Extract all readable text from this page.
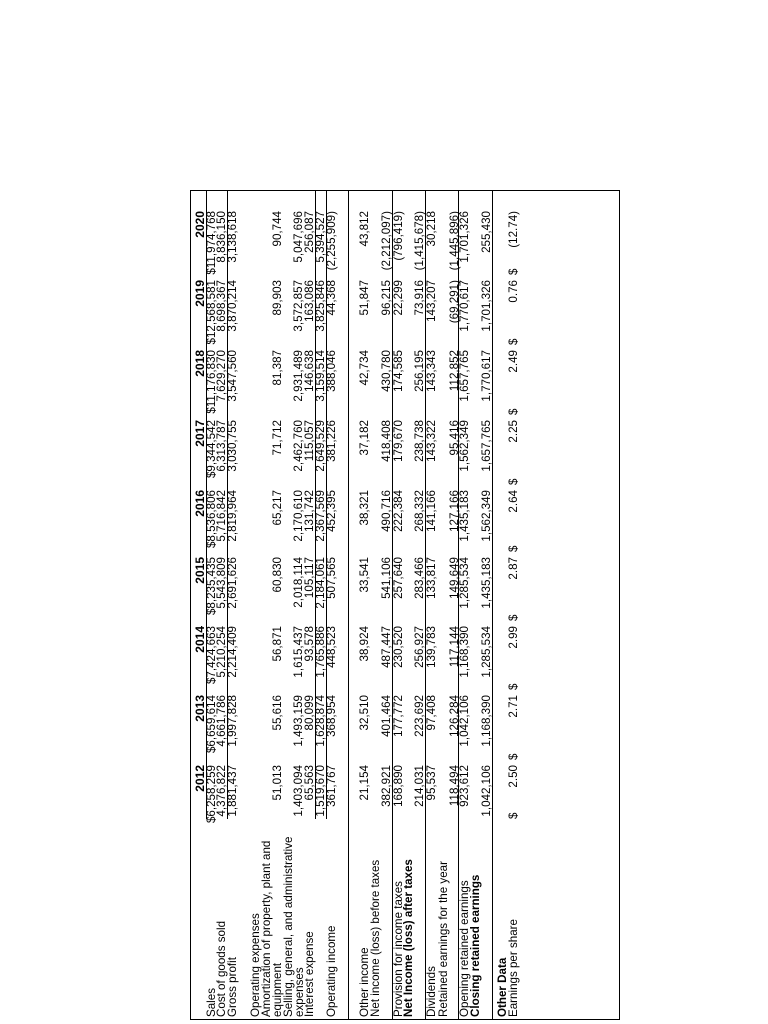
2012
2013
2014
2015
2016
2017
2018
2019
2020
Sales
$6,258,259
$6,659,614
$7,424,663
$8,235,435
$8,536,806
$9,344,542
$11,176,830
$12,568,581
$11,974,768
Cost of goods sold
4,376,822
4,661,786
5,210,254
5,543,809
5,716,842
6,313,787
7,629,270
8,698,367
8,836,150
Gross profit
1,881,437
1,997,828
2,214,409
2,691,626
2,819,964
3,030,755
3,547,560
3,870,214
3,138,618
Operating expenses
Amortization of property, plant and equipment
51,013
55,616
56,871
60,830
65,217
71,712
81,387
89,903
90,744
Selling, general, and administrative expenses
1,403,094
1,493,159
1,615,437
2,018,114
2,170,610
2,462,760
2,931,489
3,572,857
5,047,696
Interest expense
65,563
80,099
93,578
105,117
131,742
115,057
146,638
163,086
256,087
1,519,670
1,628,874
1,765,886
2,184,061
2,367,569
2,649,529
3,159,514
3,825,846
5,394,527
Operating income
361,767
368,954
448,523
507,565
452,395
381,226
388,046
44,368
(2,255,909)
Other income
21,154
32,510
38,924
33,541
38,321
37,182
42,734
51,847
43,812
Net income (loss) before taxes
382,921
401,464
487,447
541,106
490,716
418,408
430,780
96,215
(2,212,097)
Provision for income taxes
168,890
177,772
230,520
257,640
222,384
179,670
174,585
22,299
(796,419)
Net Income (loss) after taxes
214,031
223,692
256,927
283,466
268,332
238,738
256,195
73,916
(1,415,678)
Dividends
95,537
97,408
139,783
133,817
141,166
143,322
143,343
143,207
30,218
Retained earnings for the year
118,494
126,284
117,144
149,649
127,166
95,416
112,852
(69,291)
(1,445,896)
Opening retained earnings
923,612
1,042,106
1,168,390
1,285,534
1,435,183
1,562,349
1,657,765
1,770,617
1,701,326
Closing retained earnings
1,042,106
1,168,390
1,285,534
1,435,183
1,562,349
1,657,765
1,770,617
1,701,326
255,430
Other Data
Earnings per share
2.50
2.71
2.99
2.87
2.64
2.25
2.49
0.76
(12.74)
$
$
$
$
$
$
$
$
$
